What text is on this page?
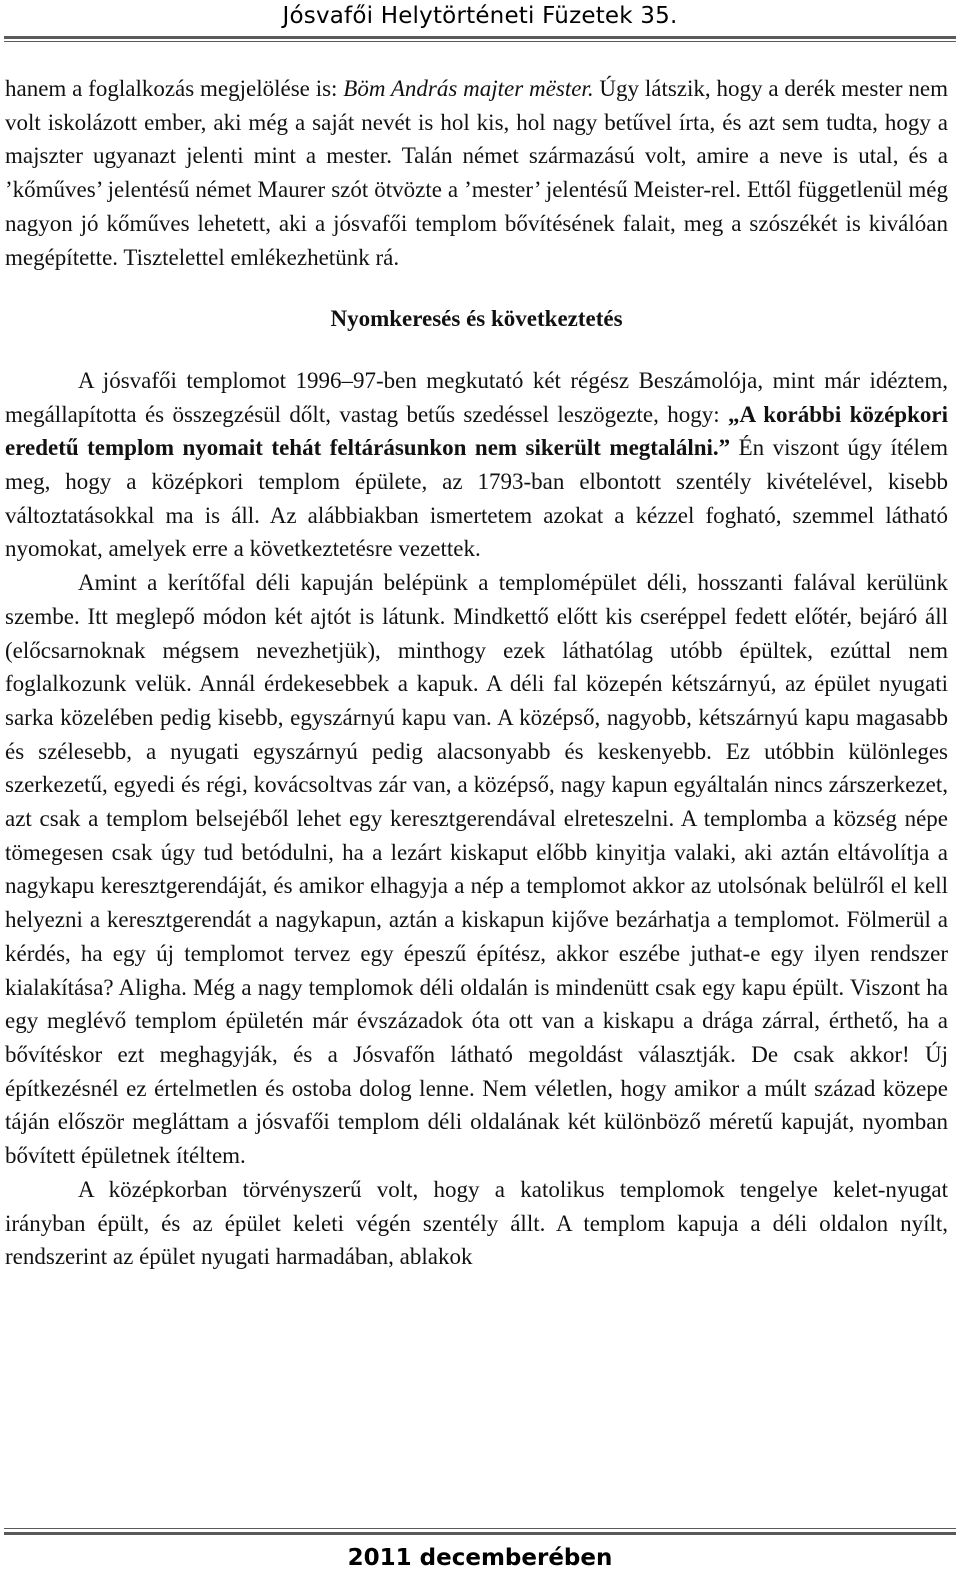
Jósvafői Helytörténeti Füzetek 35.

hanem a foglalkozás megjelölése is: Böm András majter mëster. Úgy látszik, hogy a derék mester nem volt iskolázott ember, aki még a saját nevét is hol kis, hol nagy betűvel írta, és azt sem tudta, hogy a majszter ugyanazt jelenti mint a mester. Talán német származású volt, amire a neve is utal, és a ’kőműves’ jelentésű német Maurer szót ötvözte a ’mester’ jelentésű Meister-rel. Ettől függetlenül még nagyon jó kőműves lehetett, aki a jósvafői templom bővítésének falait, meg a szószékét is kiválóan megépítette. Tisztelettel emlékezhetünk rá.

Nyomkeresés és következtetés

A jósvafői templomot 1996–97-ben megkutató két régész Beszámolója, mint már idéztem, megállapította és összegzésül dőlt, vastag betűs szedéssel leszögezte, hogy: „A korábbi középkori eredetű templom nyomait tehát feltárásunkon nem sikerült megtalálni.” Én viszont úgy ítélem meg, hogy a középkori templom épülete, az 1793-ban elbontott szentély kivételével, kisebb változtatásokkal ma is áll. Az alábbiakban ismertetem azokat a kézzel fogható, szemmel látható nyomokat, amelyek erre a következtetésre vezettek.

Amint a kerítőfal déli kapuján belépünk a templomépület déli, hosszanti falával kerülünk szembe. Itt meglepő módon két ajtót is látunk. Mindkettő előtt kis cseréppel fedett előtér, bejáró áll (előcsarnoknak mégsem nevezhetjük), minthogy ezek láthatólag utóbb épültek, ezúttal nem foglalkozunk velük. Annál érdekesebbek a kapuk. A déli fal közepén kétszárnyú, az épület nyugati sarka közelében pedig kisebb, egyszárnyú kapu van. A középső, nagyobb, kétszárnyú kapu magasabb és szélesebb, a nyugati egyszárnyú pedig alacsonyabb és keskenyebb. Ez utóbbin különleges szerkezetű, egyedi és régi, kovácsoltvas zár van, a középső, nagy kapun egyáltalán nincs zárszerkezet, azt csak a templom belsejéből lehet egy keresztgerendával elreteszelni. A templomba a község népe tömegesen csak úgy tud betódulni, ha a lezárt kiskaput előbb kinyitja valaki, aki aztán eltávolítja a nagykapu keresztgerendáját, és amikor elhagyja a nép a templomot akkor az utolsónak belülről el kell helyezni a keresztgerendát a nagykapun, aztán a kiskapun kijőve bezárhatja a templomot. Fölmerül a kérdés, ha egy új templomot tervez egy épeszű építész, akkor eszébe juthat-e egy ilyen rendszer kialakítása? Aligha. Még a nagy templomok déli oldalán is mindenütt csak egy kapu épült. Viszont ha egy meglévő templom épületén már évszázadok óta ott van a kiskapu a drága zárral, érthető, ha a bővítéskor ezt meghagyják, és a Jósvafőn látható megoldást választják. De csak akkor! Új építkezésnél ez értelmetlen és ostoba dolog lenne. Nem véletlen, hogy amikor a múlt század közepe táján először megláttam a jósvafői templom déli oldalának két különböző méretű kapuját, nyomban bővített épületnek ítéltem.

A középkorban törvényszerű volt, hogy a katolikus templomok tengelye kelet-nyugat irányban épült, és az épület keleti végén szentély állt. A templom kapuja a déli oldalon nyílt, rendszerint az épület nyugati harmadában, ablakok

2011 decemberében
